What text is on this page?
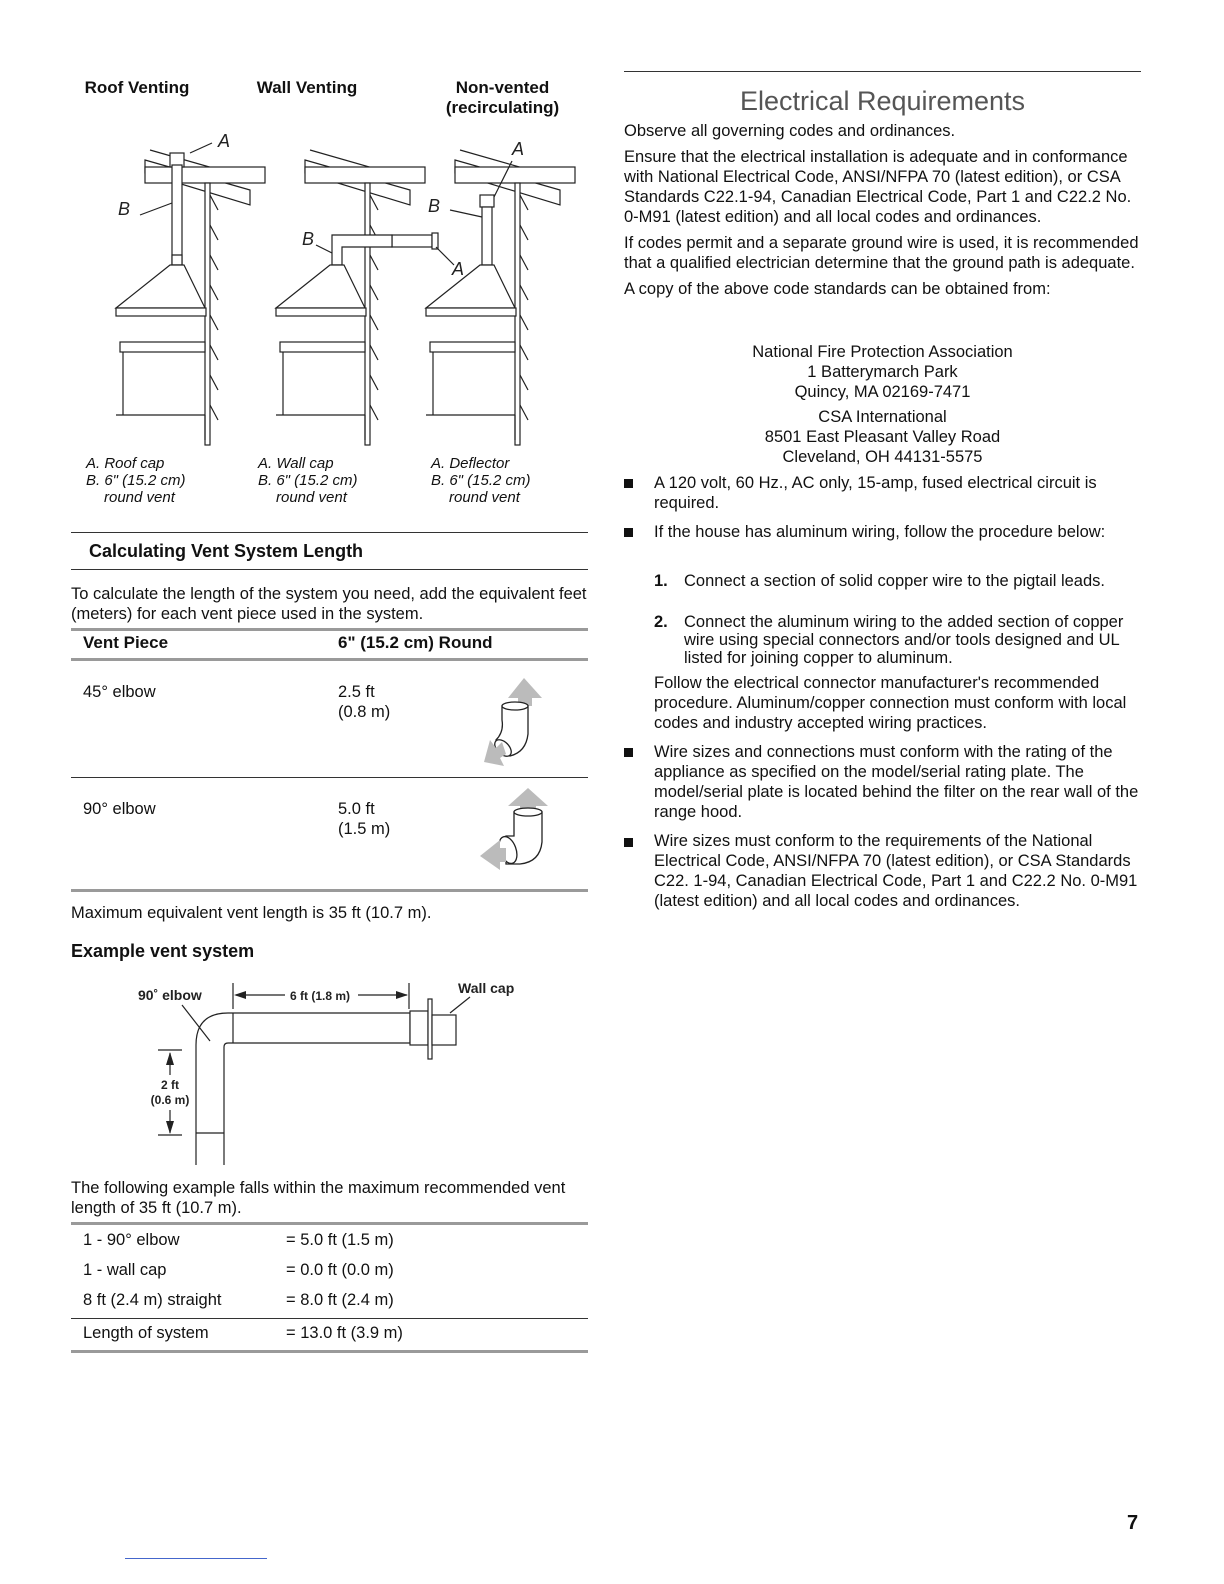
Roof Venting	Wall Venting	Non-vented
(recirculating)
A
B
B
A
A
B
A. Roof cap
B. 6" (15.2 cm)
round vent
A. Wall cap
B. 6" (15.2 cm)
round vent
A. Deflector
B. 6" (15.2 cm)
round vent
Calculating Vent System Length
To calculate the length of the system you need, add the equivalent feet (meters) for each vent piece used in the system.
Vent Piece	6" (15.2 cm) Round
45° elbow	2.5 ft
(0.8 m)
90° elbow	5.0 ft
(1.5 m)
Maximum equivalent vent length is 35 ft (10.7 m).
Example vent system
90˚ elbow	6 ft (1.8 m)	Wall cap
2 ft
(0.6 m)
The following example falls within the maximum recommended vent length of 35 ft (10.7 m).
1 - 90° elbow	= 5.0 ft (1.5 m)
1 - wall cap	= 0.0 ft (0.0 m)
8 ft (2.4 m) straight	= 8.0 ft (2.4 m)
Length of system	= 13.0 ft (3.9 m)
Electrical Requirements

Observe all governing codes and ordinances.

Ensure that the electrical installation is adequate and in conformance with National Electrical Code, ANSI/NFPA 70 (latest edition), or CSA Standards C22.1-94, Canadian Electrical Code, Part 1 and C22.2 No. 0-M91 (latest edition) and all local codes and ordinances.

If codes permit and a separate ground wire is used, it is recommended that a qualified electrician determine that the ground path is adequate.

A copy of the above code standards can be obtained from:

National Fire Protection Association
1 Batterymarch Park
Quincy, MA 02169-7471
CSA International
8501 East Pleasant Valley Road
Cleveland, OH 44131-5575
A 120 volt, 60 Hz., AC only, 15-amp, fused electrical circuit is required.
If the house has aluminum wiring, follow the procedure below:
1. Connect a section of solid copper wire to the pigtail leads.
2. Connect the aluminum wiring to the added section of copper wire using special connectors and/or tools designed and UL listed for joining copper to aluminum.
Follow the electrical connector manufacturer's recommended procedure. Aluminum/copper connection must conform with local codes and industry accepted wiring practices.
Wire sizes and connections must conform with the rating of the appliance as specified on the model/serial rating plate. The model/serial plate is located behind the filter on the rear wall of the range hood.
Wire sizes must conform to the requirements of the National Electrical Code, ANSI/NFPA 70 (latest edition), or CSA Standards C22. 1-94, Canadian Electrical Code, Part 1 and C22.2 No. 0-M91 (latest edition) and all local codes and ordinances.
7
